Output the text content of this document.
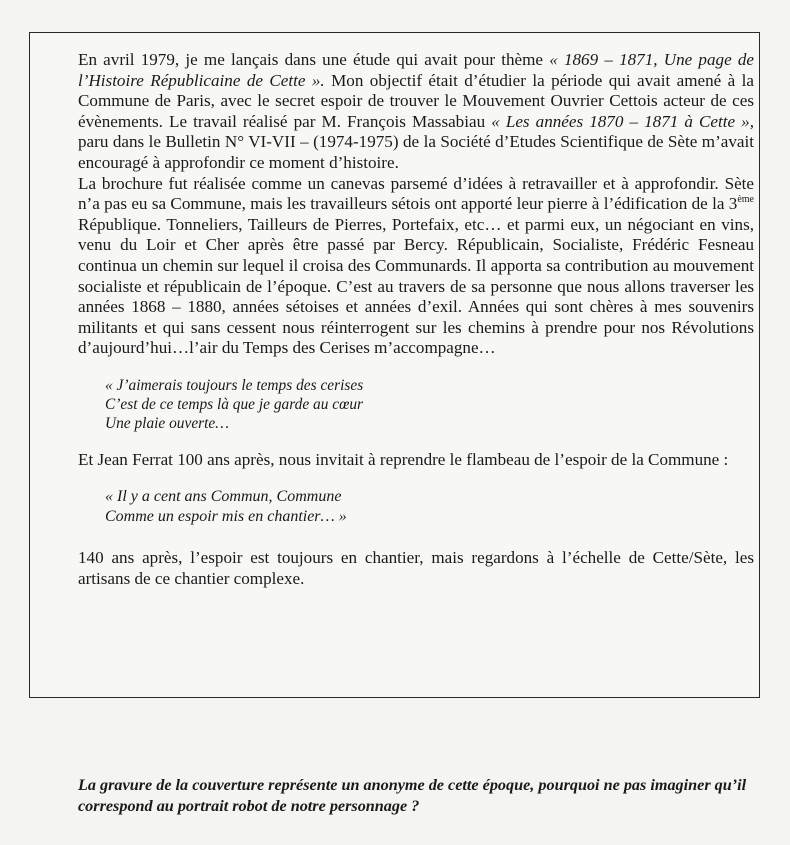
En avril 1979, je me lançais dans une étude qui avait pour thème « 1869 – 1871, Une page de l’Histoire Républicaine de Cette ». Mon objectif était d’étudier la période qui avait amené à la Commune de Paris, avec le secret espoir de trouver le Mouvement Ouvrier Cettois acteur de ces évènements. Le travail réalisé par M. François Massabiau « Les années 1870 – 1871 à Cette », paru dans le Bulletin N° VI-VII – (1974-1975) de la Société d’Etudes Scientifique de Sète m’avait encouragé à approfondir ce moment d’histoire.

La brochure fut réalisée comme un canevas parsemé d’idées à retravailler et à approfondir. Sète n’a pas eu sa Commune, mais les travailleurs sétois ont apporté leur pierre à l’édification de la 3ème République. Tonneliers, Tailleurs de Pierres, Portefaix, etc… et parmi eux, un négociant en vins, venu du Loir et Cher après être passé par Bercy. Républicain, Socialiste, Frédéric Fesneau continua un chemin sur lequel il croisa des Communards. Il apporta sa contribution au mouvement socialiste et républicain de l’époque. C’est au travers de sa personne que nous allons traverser les années 1868 – 1880, années sétoises et années d’exil. Années qui sont chères à mes souvenirs militants et qui sans cessent nous réinterrogent sur les chemins à prendre pour nos Révolutions d’aujourd’hui…l’air du Temps des Cerises m’accompagne…

« J’aimerais toujours le temps des cerises
C’est de ce temps là que je garde au cœur
Une plaie ouverte…

Et Jean Ferrat 100 ans après, nous invitait à reprendre le flambeau de l’espoir de la Commune :

« Il y a cent ans Commun, Commune
Comme un espoir mis en chantier… »

140 ans après, l’espoir est toujours en chantier, mais regardons à l’échelle de Cette/Sète, les artisans de ce chantier complexe.

La gravure de la couverture représente un anonyme de cette époque, pourquoi ne pas imaginer qu’il correspond au portrait robot de notre personnage ?
